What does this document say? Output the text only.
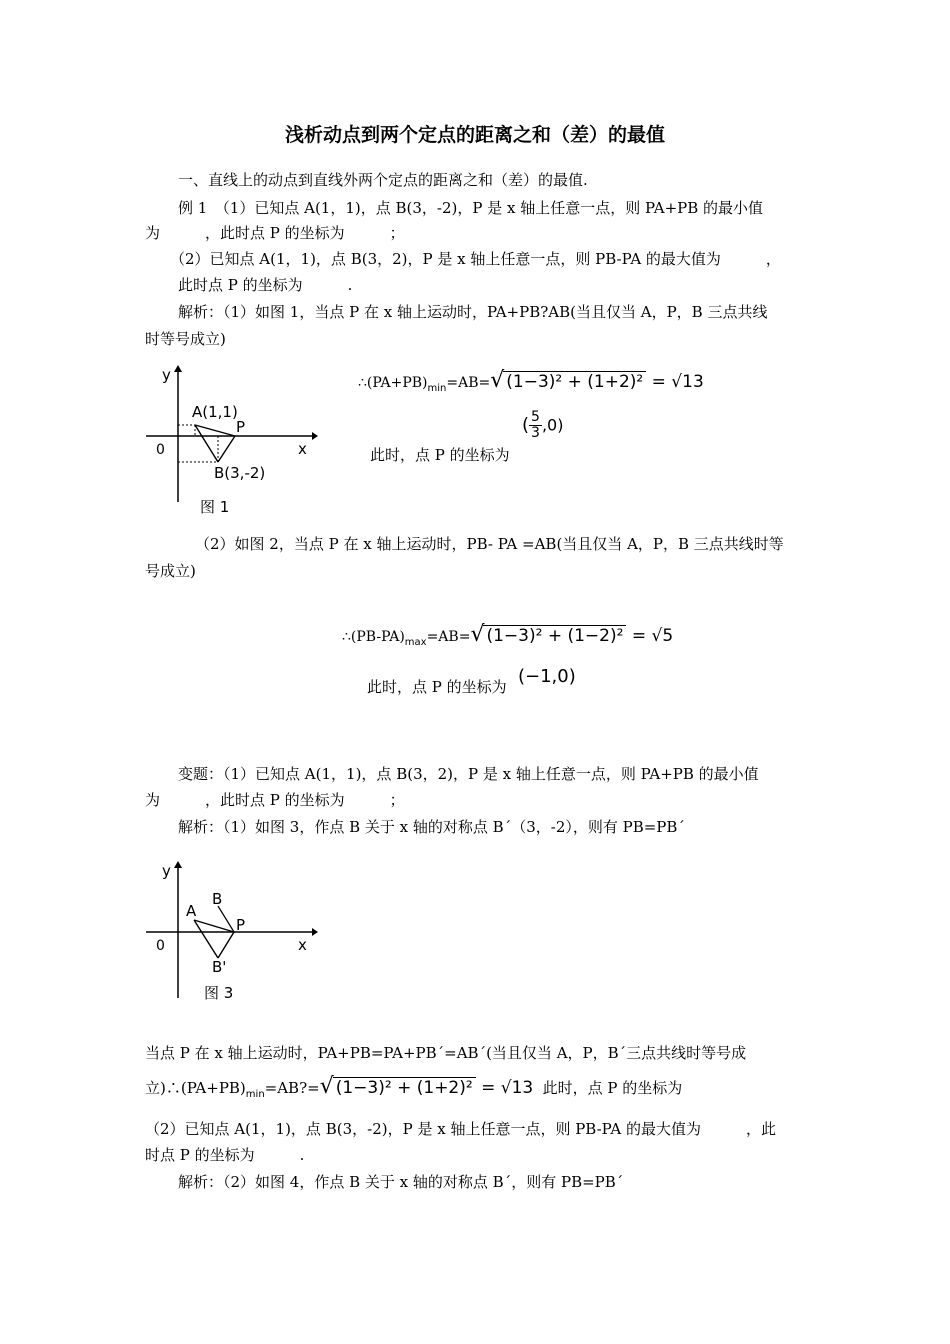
浅析动点到两个定点的距离之和（差）的最值
一、直线上的动点到直线外两个定点的距离之和（差）的最值.
例 1　（1）已知点 A(1，1)，点 B(3，-2)，P 是 x 轴上任意一点，则 PA+PB 的最小值
为　　　，此时点 P 的坐标为　　　；
（2）已知点 A(1，1)，点 B(3，2)，P 是 x 轴上任意一点，则 PB-PA 的最大值为　　　，
此时点 P 的坐标为　　　.
解析：（1）如图 1，当点 P 在 x 轴上运动时，PA+PB?AB(当且仅当 A，P，B 三点共线
时等号成立)
y
x
0
A(1,1)
P
B(3,-2)
图 1
$\therefore(PA+PB)_{min}=AB=√$ (1−3)² + (1+2)² = √13
此时，点 P 的坐标为
( $\frac{5}{3} ,0$)
（2）如图 2，当点 P 在 x 轴上运动时，PB- PA =AB(当且仅当 A，P，B 三点共线时等
号成立)
$\therefore(PB-PA)_{max}=AB=√$ (1−3)² + (1−2)² = √5
此时，点 P 的坐标为 (−1,0)
变题：（1）已知点 A(1，1)，点 B(3，2)，P 是 x 轴上任意一点，则 PA+PB 的最小值
为　　　，此时点 P 的坐标为　　　；
解析：（1）如图 3，作点 B 关于 x 轴的对称点 B´（3，-2），则有 PB=PB´
y
x
0
A
B
P
B'
图 3
当点 P 在 x 轴上运动时，PA+PB=PA+PB´=AB´(当且仅当 A，P，B´三点共线时等号成
立)$\therefore(PA+PB)_{min}=AB?=√$ (1−3)² + (1+2)² = √13 此时，点 P 的坐标为
（2）已知点 A(1，1)，点 B(3，-2)，P 是 x 轴上任意一点，则 PB-PA 的最大值为　　　，此
时点 P 的坐标为　　　.
解析：（2）如图 4，作点 B 关于 x 轴的对称点 B´，则有 PB=PB´
